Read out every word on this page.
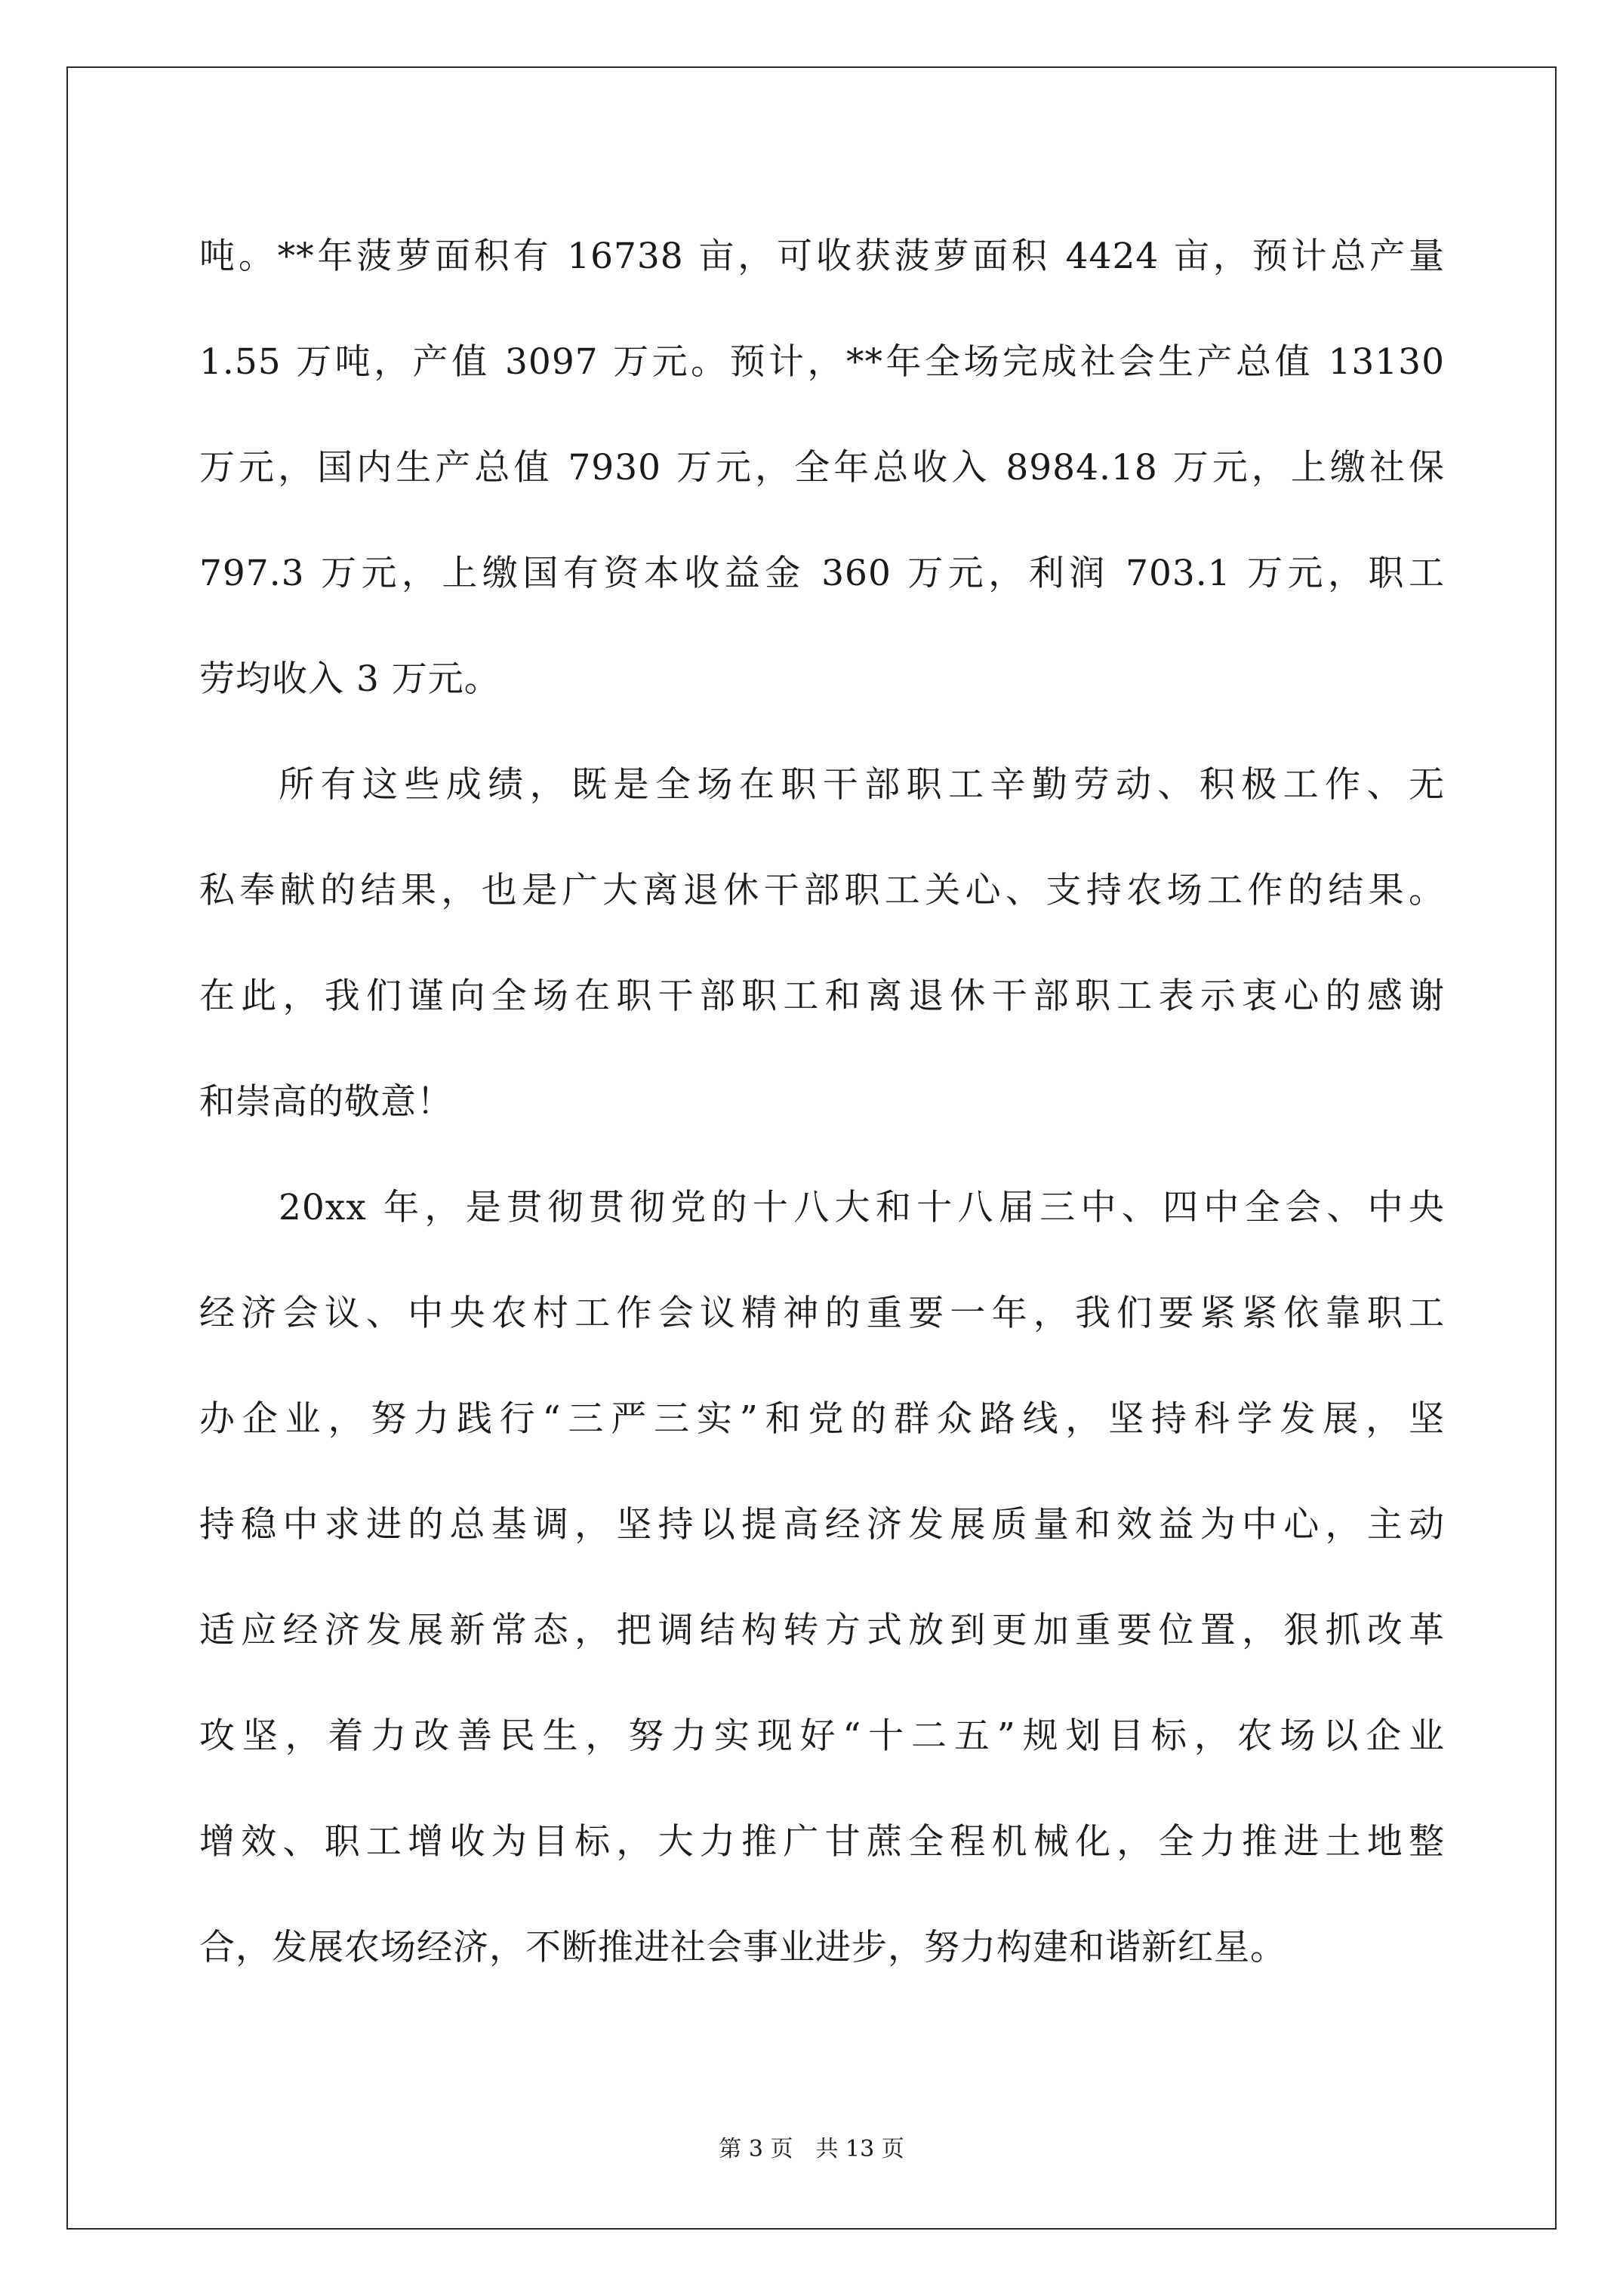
吨。**年菠萝面积有 16738 亩，可收获菠萝面积 4424 亩，预计总产量
1.55 万吨，产值 3097 万元。预计，**年全场完成社会生产总值 13130
万元，国内生产总值 7930 万元，全年总收入 8984.18 万元，上缴社保
797.3 万元，上缴国有资本收益金 360 万元，利润 703.1 万元，职工
劳均收入 3 万元。
所有这些成绩，既是全场在职干部职工辛勤劳动、积极工作、无
私奉献的结果，也是广大离退休干部职工关心、支持农场工作的结果。
在此，我们谨向全场在职干部职工和离退休干部职工表示衷心的感谢
和崇高的敬意！
20xx 年，是贯彻贯彻党的十八大和十八届三中、四中全会、中央
经济会议、中央农村工作会议精神的重要一年，我们要紧紧依靠职工
办企业，努力践行“三严三实”和党的群众路线，坚持科学发展，坚
持稳中求进的总基调，坚持以提高经济发展质量和效益为中心，主动
适应经济发展新常态，把调结构转方式放到更加重要位置，狠抓改革
攻坚，着力改善民生，努力实现好“十二五”规划目标，农场以企业
增效、职工增收为目标，大力推广甘蔗全程机械化，全力推进土地整
合，发展农场经济，不断推进社会事业进步，努力构建和谐新红星。
第 3 页　共 13 页
